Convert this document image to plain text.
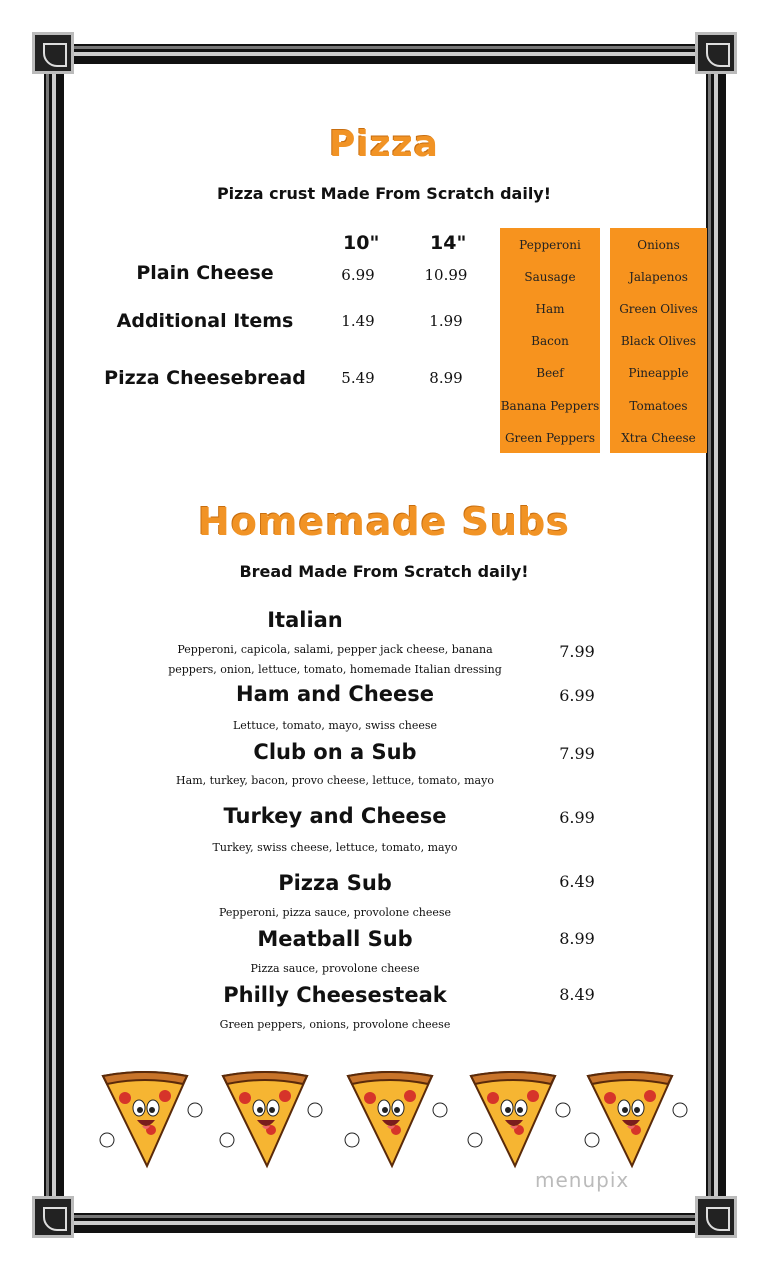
Pizza
Pizza crust Made From Scratch daily!
10"	14"
Plain Cheese	6.99	10.99
Additional Items	1.49	1.99
Pizza Cheesebread	5.49	8.99
Pepperoni
Sausage
Ham
Bacon
Beef
Banana Peppers
Green Peppers
Onions
Jalapenos
Green Olives
Black Olives
Pineapple
Tomatoes
Xtra Cheese
Homemade Subs
Bread Made From Scratch daily!
Italian
Pepperoni, capicola, salami, pepper jack cheese, banana
peppers, onion, lettuce, tomato, homemade Italian dressing
7.99
Ham and Cheese
Lettuce, tomato, mayo, swiss cheese
6.99
Club on a Sub
Ham, turkey, bacon, provo cheese, lettuce, tomato, mayo
7.99
Turkey and Cheese
Turkey, swiss cheese, lettuce, tomato, mayo
6.99
Pizza Sub
Pepperoni, pizza sauce, provolone cheese
6.49
Meatball Sub
Pizza sauce, provolone cheese
8.99
Philly Cheesesteak
Green peppers, onions, provolone cheese
8.49
menupix
